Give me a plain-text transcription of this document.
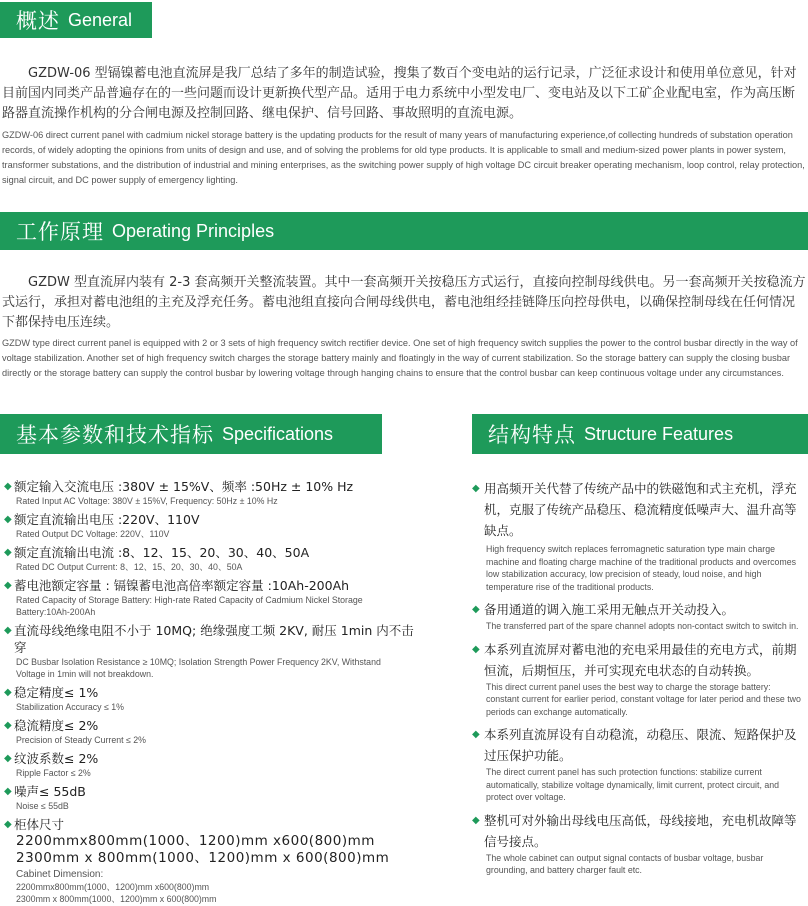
概述 General
GZDW-06 型镉镍蓄电池直流屏是我厂总结了多年的制造试验，搜集了数百个变电站的运行记录，广泛征求设计和使用单位意见，针对目前国内同类产品普遍存在的一些问题而设计更新换代型产品。适用于电力系统中小型发电厂、变电站及以下工矿企业配电室，作为高压断路器直流操作机构的分合闸电源及控制回路、继电保护、信号回路、事故照明的直流电源。
GZDW-06 direct current panel with cadmium nickel storage battery is the updating products for the result of many years of manufacturing experience,of collecting hundreds of substation operation records, of widely adopting the opinions from units of design and use, and of solving the problems for old type products. It is applicable to small and medium-sized power plants in power system, transformer substations, and the distribution of industrial and mining enterprises, as the switching power supply of high voltage DC circuit breaker operating mechanism, loop control, relay protection, signal circuit, and DC power supply of emergency lighting.
工作原理 Operating Principles
GZDW 型直流屏内装有 2-3 套高频开关整流装置。其中一套高频开关按稳压方式运行，直接向控制母线供电。另一套高频开关按稳流方式运行，承担对蓄电池组的主充及浮充任务。蓄电池组直接向合闸母线供电，蓄电池组经挂链降压向控母供电，以确保控制母线在任何情况下都保持电压连续。
GZDW type direct current panel is equipped with 2 or 3 sets of high frequency switch rectifier device. One set of high frequency switch supplies the power to the control busbar directly in the way of voltage stabilization. Another set of high frequency switch charges the storage battery mainly and floatingly in the way of current stabilization. So the storage battery can supply the closing busbar directly or the storage battery can supply the control busbar by lowering voltage through hanging chains to ensure that the control busbar can keep continuous voltage under any circumstances.
基本参数和技术指标 Specifications
◆ 额定输入交流电压 :380V ± 15%V、频率 :50Hz ± 10% Hz
Rated Input AC Voltage: 380V ± 15%V, Frequency: 50Hz ± 10% Hz
◆ 额定直流输出电压 :220V、110V
Rated Output DC Voltage: 220V、110V
◆ 额定直流输出电流 :8、12、15、20、30、40、50A
Rated DC Output Current: 8、12、15、20、30、40、50A
◆ 蓄电池额定容量 : 镉镍蓄电池高倍率额定容量 :10Ah-200Ah
Rated Capacity of Storage Battery: High-rate Rated Capacity of Cadmium Nickel Storage Battery:10Ah-200Ah
◆ 直流母线绝缘电阻不小于 10MQ; 绝缘强度工频 2KV, 耐压 1min 内不击穿
DC Busbar Isolation Resistance ≥ 10MQ; Isolation Strength Power Frequency 2KV, Withstand Voltage in 1min will not breakdown.
◆ 稳定精度≤ 1%
Stabilization Accuracy ≤ 1%
◆ 稳流精度≤ 2%
Precision of Steady Current ≤ 2%
◆ 纹波系数≤ 2%
Ripple Factor ≤ 2%
◆ 噪声≤ 55dB
Noise ≤ 55dB
◆ 柜体尺寸
2200mmx800mm(1000、1200)mm x600(800)mm
2300mm x 800mm(1000、1200)mm x 600(800)mm
Cabinet Dimension:
2200mmx800mm(1000、1200)mm x600(800)mm
2300mm x 800mm(1000、1200)mm x 600(800)mm
结构特点 Structure Features
◆ 用高频开关代替了传统产品中的铁磁饱和式主充机，浮充机，克服了传统产品稳压、稳流精度低噪声大、温升高等缺点。
High frequency switch replaces ferromagnetic saturation type main charge machine and floating charge machine of the traditional products and overcomes low stabilization accuracy, low precision of steady, loud noise, and high temperature rise of the traditional products.
◆ 备用通道的调入施工采用无触点开关动投入。
The transferred part of the spare channel adopts non-contact switch to switch in.
◆ 本系列直流屏对蓄电池的充电采用最佳的充电方式，前期恒流，后期恒压，并可实现充电状态的自动转换。
This direct current panel uses the best way to charge the storage battery: constant current for earlier period, constant voltage for later period and these two periods can exchange automatically.
◆ 本系列直流屏设有自动稳流，动稳压、限流、短路保护及过压保护功能。
The direct current panel has such protection functions: stabilize current automatically, stabilize voltage dynamically, limit current, protect circuit, and protect over voltage.
◆ 整机可对外输出母线电压高低，母线接地，充电机故障等信号接点。
The whole cabinet can output signal contacts of busbar voltage, busbar grounding, and battery charger fault etc.
